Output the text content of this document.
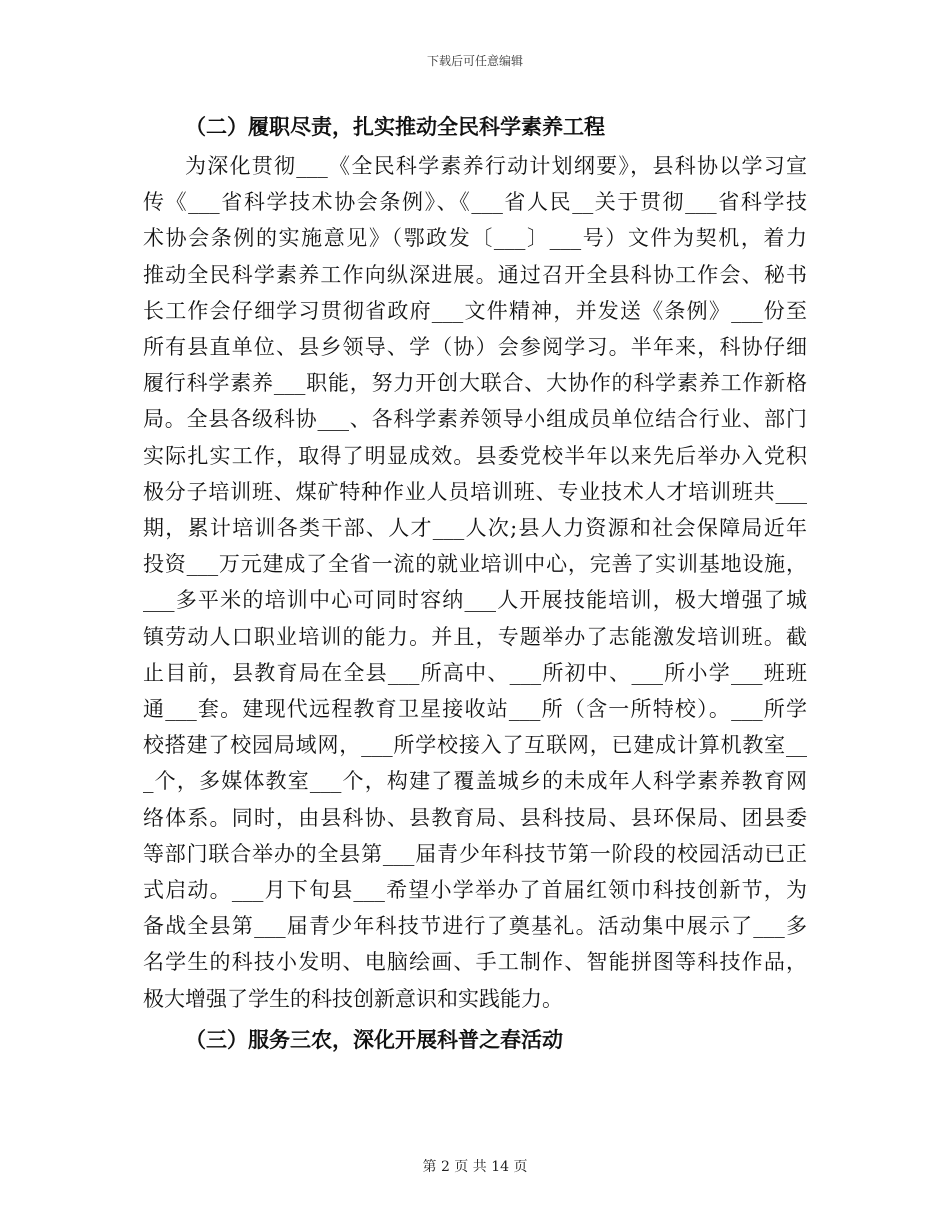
下载后可任意编辑
（二）履职尽责，扎实推动全民科学素养工程
为深化贯彻___《全民科学素养行动计划纲要》，县科协以学习宣
传《___省科学技术协会条例》、《___省人民__关于贯彻___省科学技
术协会条例的实施意见》（鄂政发〔___〕___号）文件为契机，着力
推动全民科学素养工作向纵深进展。通过召开全县科协工作会、秘书
长工作会仔细学习贯彻省政府___文件精神，并发送《条例》___份至
所有县直单位、县乡领导、学（协）会参阅学习。半年来，科协仔细
履行科学素养___职能，努力开创大联合、大协作的科学素养工作新格
局。全县各级科协___、各科学素养领导小组成员单位结合行业、部门
实际扎实工作，取得了明显成效。县委党校半年以来先后举办入党积
极分子培训班、煤矿特种作业人员培训班、专业技术人才培训班共___
期，累计培训各类干部、人才___人次;县人力资源和社会保障局近年
投资___万元建成了全省一流的就业培训中心，完善了实训基地设施，
___多平米的培训中心可同时容纳___人开展技能培训，极大增强了城
镇劳动人口职业培训的能力。并且，专题举办了志能激发培训班。截
止目前，县教育局在全县___所高中、___所初中、___所小学___班班
通___套。建现代远程教育卫星接收站___所（含一所特校）。___所学
校搭建了校园局域网，___所学校接入了互联网，已建成计算机教室__
_个，多媒体教室___个，构建了覆盖城乡的未成年人科学素养教育网
络体系。同时，由县科协、县教育局、县科技局、县环保局、团县委
等部门联合举办的全县第___届青少年科技节第一阶段的校园活动已正
式启动。___月下旬县___希望小学举办了首届红领巾科技创新节，为
备战全县第___届青少年科技节进行了奠基礼。活动集中展示了___多
名学生的科技小发明、电脑绘画、手工制作、智能拼图等科技作品，
极大增强了学生的科技创新意识和实践能力。
（三）服务三农，深化开展科普之春活动
第 2 页 共 14 页
